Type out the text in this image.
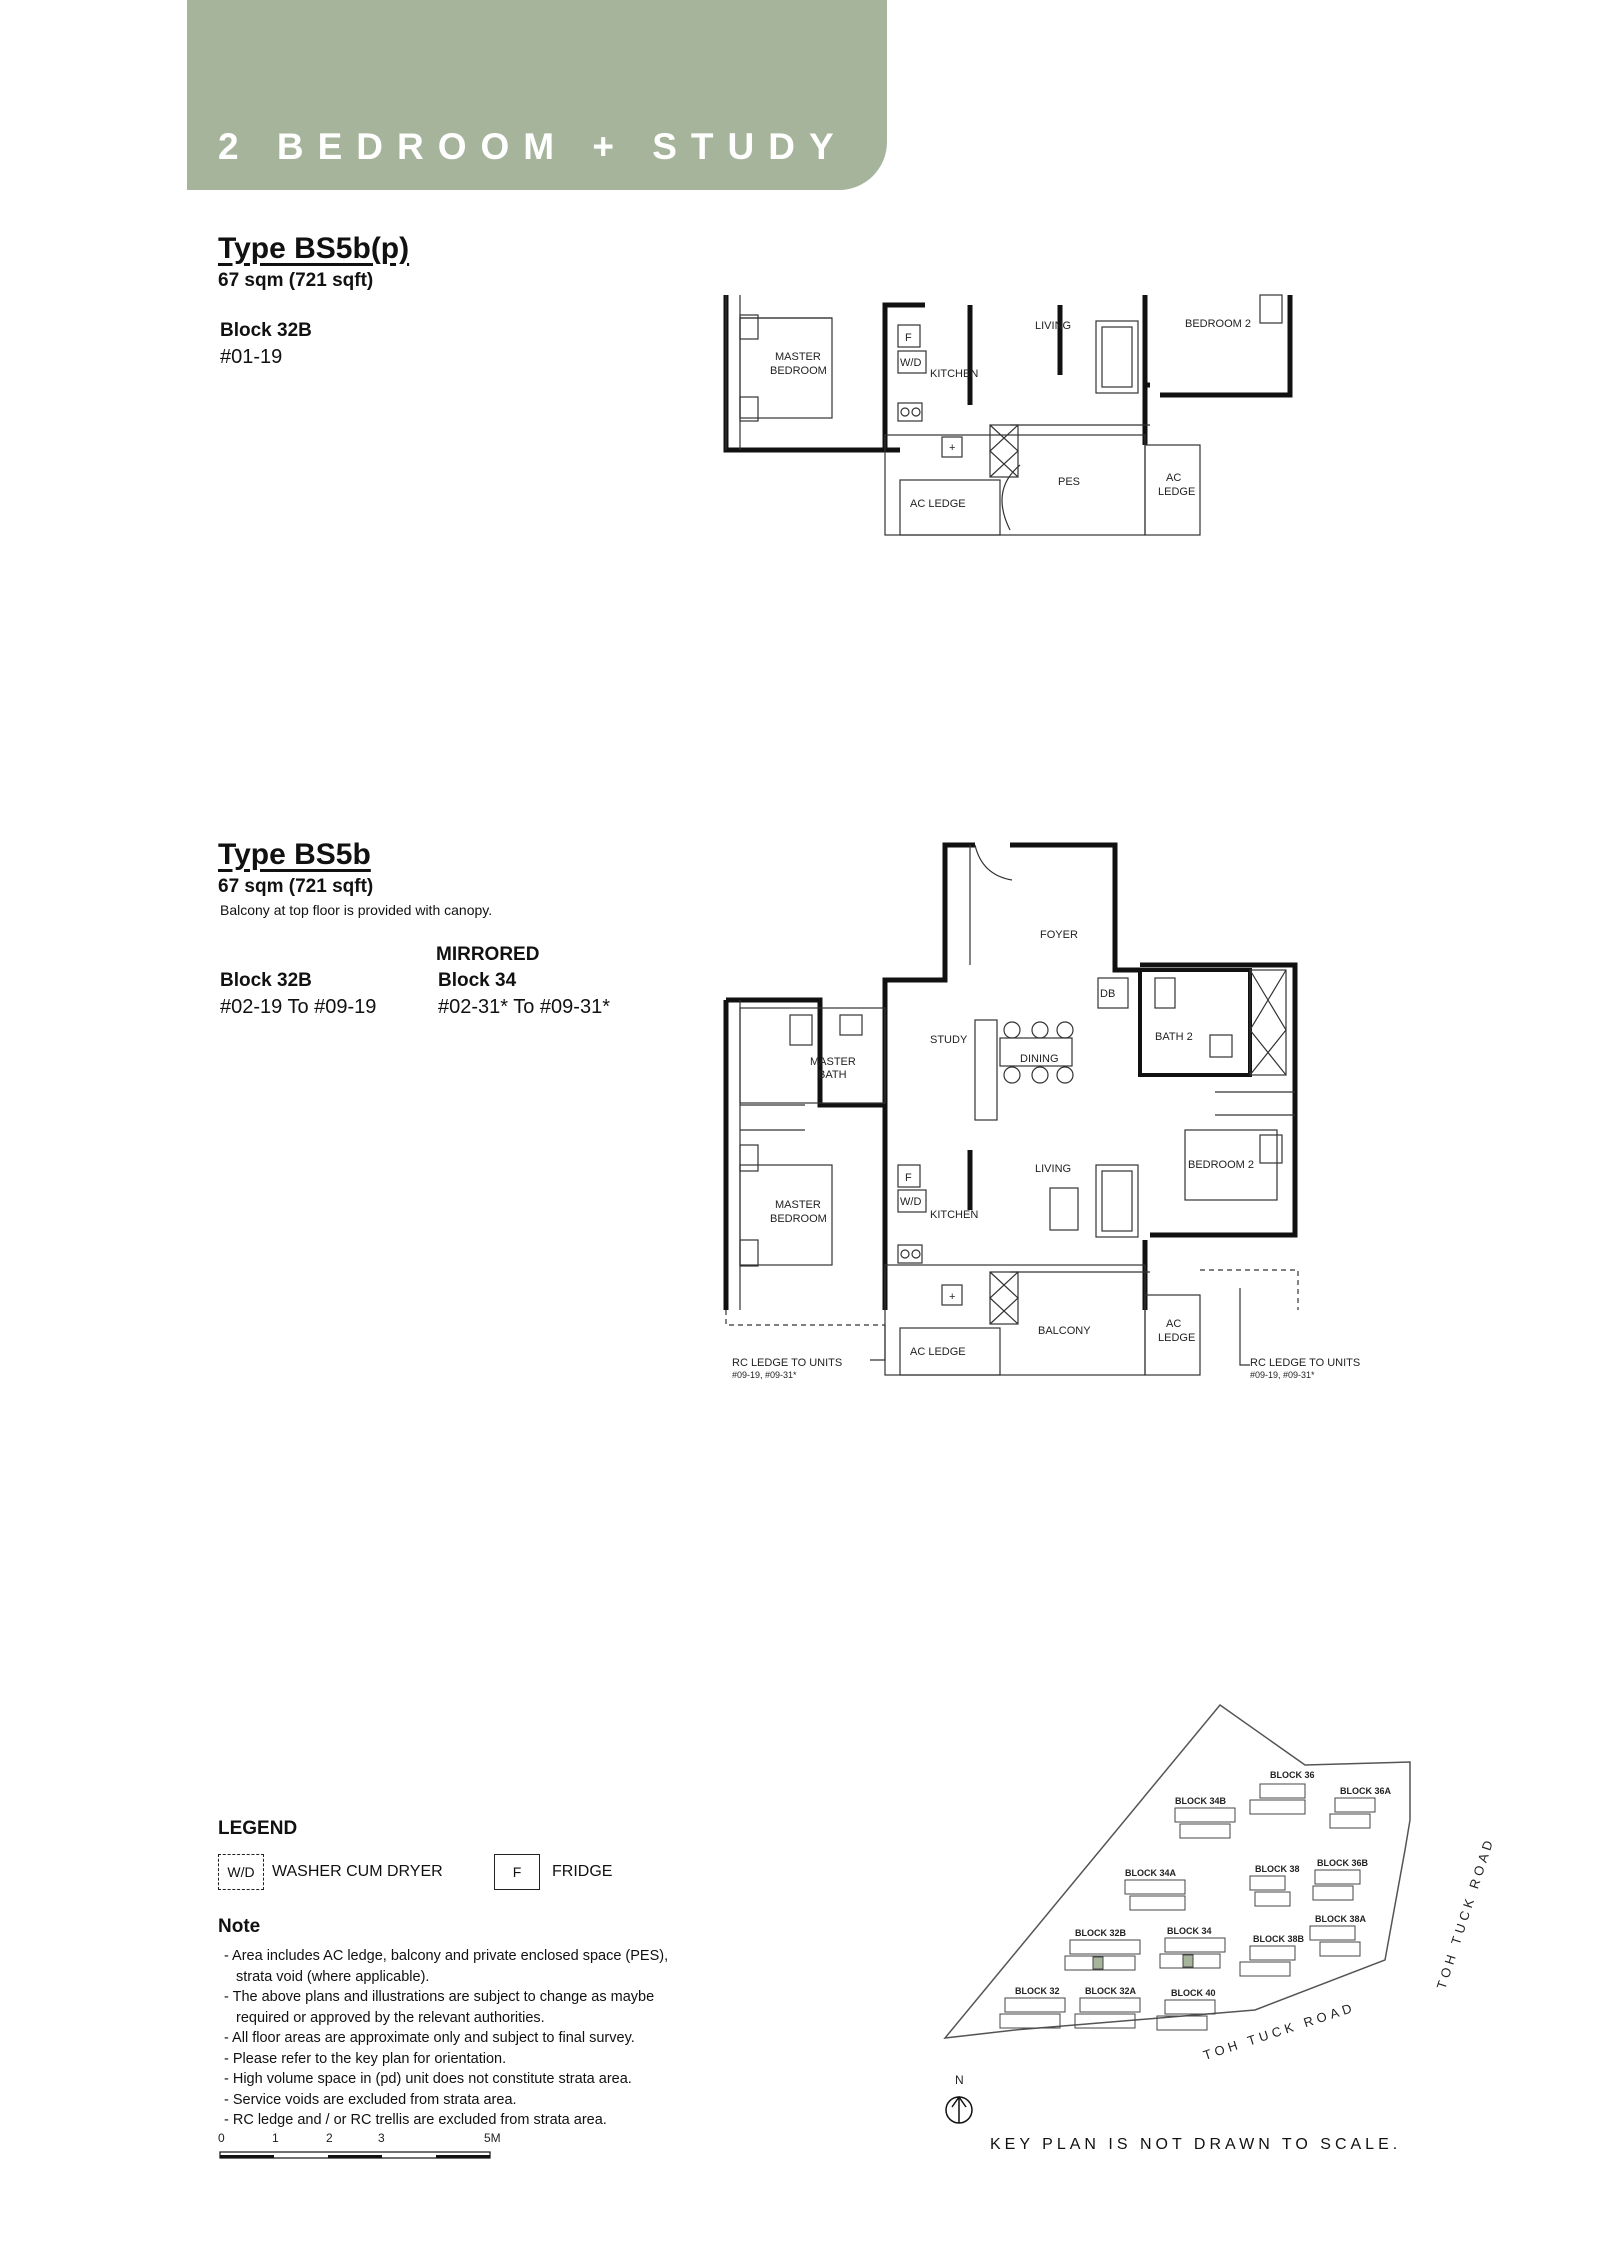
2 BEDROOM + STUDY
Type BS5b(p)
67 sqm (721 sqft)
Block 32B
#01-19	MASTER
BEDROOM
F
W/D
KITCHEN
+
LIVING	BEDROOM 2
PES
AC LEDGE
AC
LEDGE
Type BS5b
67 sqm (721 sqft)
Balcony at top floor is provided with canopy.
MIRRORED
Block 32B
#02-19 To #09-19
Block 34
#02-31* To #09-31*
FOYER
DB
BATH 2
STUDY
DINING
MASTER
BATH
MASTER
BEDROOM
F
W/D
KITCHEN
+
LIVING	BEDROOM 2
BALCONY
AC LEDGE
AC
LEDGE
RC LEDGE TO UNITS
#09-19, #09-31*
RC LEDGE TO UNITS
#09-19, #09-31*
LEGEND
W/D	WASHER CUM DRYER	F	FRIDGE
Note
- Area includes AC ledge, balcony and private enclosed space (PES), strata void (where applicable).
- The above plans and illustrations are subject to change as maybe required or approved by the relevant authorities.
- All floor areas are approximate only and subject to final survey.
- Please refer to the key plan for orientation.
- High volume space in (pd) unit does not constitute strata area.
- Service voids are excluded from strata area.
- RC ledge and / or RC trellis are excluded from strata area.
0	1	2	3	5M
BLOCK 36
BLOCK 36A
BLOCK 34B
BLOCK 34A	BLOCK 38
BLOCK 36B
BLOCK 38A
BLOCK 32B	BLOCK 34
BLOCK 38B
BLOCK 32	BLOCK 32A	BLOCK 40
TOH TUCK ROAD
TOH TUCK ROAD
N
KEY PLAN IS NOT DRAWN TO SCALE.
